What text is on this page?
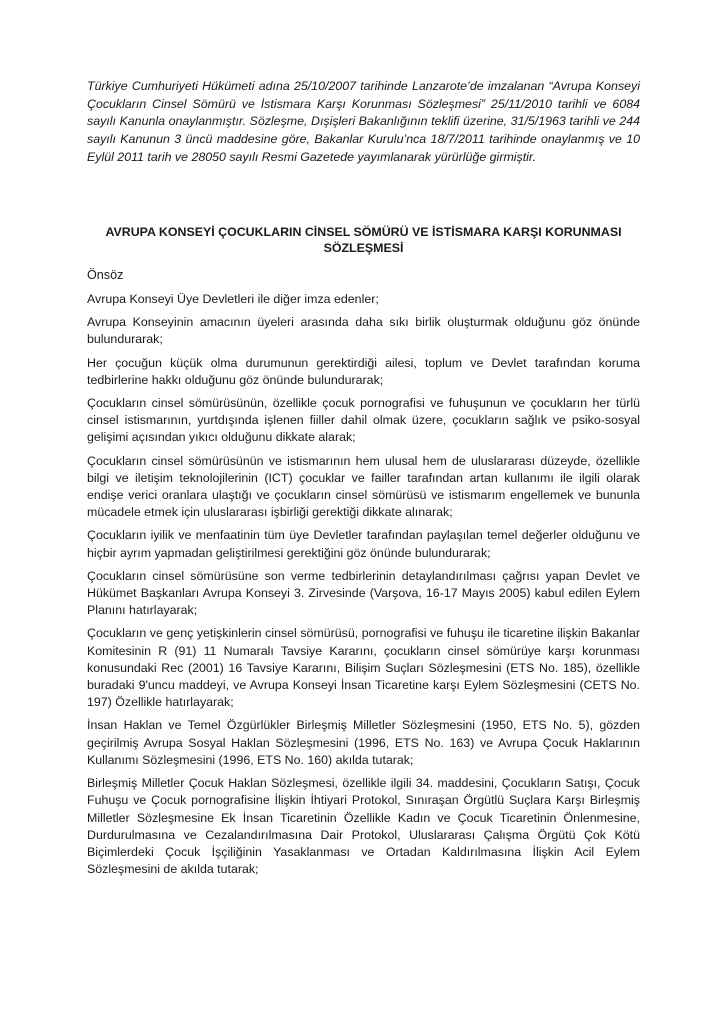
Türkiye Cumhuriyeti Hükümeti adına 25/10/2007 tarihinde Lanzarote’de imzalanan “Avrupa Konseyi Çocukların Cinsel Sömürü ve İstismara Karşı Korunması Sözleşmesi” 25/11/2010 tarihli ve 6084 sayılı Kanunla onaylanmıştır. Sözleşme, Dışişleri Bakanlığının teklifi üzerine, 31/5/1963 tarihli ve 244 sayılı Kanunun 3 üncü maddesine göre, Bakanlar Kurulu’nca 18/7/2011 tarihinde onaylanmış ve 10 Eylül 2011 tarih ve 28050 sayılı Resmi Gazetede yayımlanarak yürürlüğe girmiştir.

AVRUPA KONSEYİ ÇOCUKLARIN CİNSEL SÖMÜRÜ VE İSTİSMARA KARŞI KORUNMASI SÖZLEŞMESİ
Önsöz

Avrupa Konseyi Üye Devletleri ile diğer imza edenler;

Avrupa Konseyinin amacının üyeleri arasında daha sıkı birlik oluşturmak olduğunu göz önünde bulundurarak;

Her çocuğun küçük olma durumunun gerektirdiği ailesi, toplum ve Devlet tarafından koruma tedbirlerine hakkı olduğunu göz önünde bulundurarak;

Çocukların cinsel sömürüsünün, özellikle çocuk pornografisi ve fuhuşunun ve çocukların her türlü cinsel istismarının, yurtdışında işlenen fiiller dahil olmak üzere, çocukların sağlık ve psiko-sosyal gelişimi açısından yıkıcı olduğunu dikkate alarak;

Çocukların cinsel sömürüsünün ve istismarının hem ulusal hem de uluslararası düzeyde, özellikle bilgi ve iletişim teknolojilerinin (ICT) çocuklar ve failler tarafından artan kullanımı ile ilgili olarak endişe verici oranlara ulaştığı ve çocukların cinsel sömürüsü ve istismarım engellemek ve bununla mücadele etmek için uluslararası işbirliği gerektiği dikkate alınarak;

Çocukların iyilik ve menfaatinin tüm üye Devletler tarafından paylaşılan temel değerler olduğunu ve hiçbir ayrım yapmadan geliştirilmesi gerektiğini göz önünde bulundurarak;

Çocukların cinsel sömürüsüne son verme tedbirlerinin detaylandırılması çağrısı yapan Devlet ve Hükümet Başkanları Avrupa Konseyi 3. Zirvesinde (Varşova, 16-17 Mayıs 2005) kabul edilen Eylem Planını hatırlayarak;

Çocukların ve genç yetişkinlerin cinsel sömürüsü, pornografisi ve fuhuşu ile ticaretine ilişkin Bakanlar Komitesinin R (91) 11 Numaralı Tavsiye Kararını, çocukların cinsel sömürüye karşı korunması konusundaki Rec (2001) 16 Tavsiye Kararını, Bilişim Suçları Sözleşmesini (ETS No. 185), özellikle buradaki 9'uncu maddeyi, ve Avrupa Konseyi İnsan Ticaretine karşı Eylem Sözleşmesini (CETS No. 197) Özellikle hatırlayarak;

İnsan Haklan ve Temel Özgürlükler Birleşmiş Milletler Sözleşmesini (1950, ETS No. 5), gözden geçirilmiş Avrupa Sosyal Haklan Sözleşmesini (1996, ETS No. 163) ve Avrupa Çocuk Haklarının Kullanımı Sözleşmesini (1996, ETS No. 160) akılda tutarak;

Birleşmiş Milletler Çocuk Haklan Sözleşmesi, özellikle ilgili 34. maddesini, Çocukların Satışı, Çocuk Fuhuşu ve Çocuk pornografisine İlişkin İhtiyari Protokol, Sınıraşan Örgütlü Suçlara Karşı Birleşmiş Milletler Sözleşmesine Ek İnsan Ticaretinin Özellikle Kadın ve Çocuk Ticaretinin Önlenmesine, Durdurulmasına ve Cezalandırılmasına Dair Protokol, Uluslararası Çalışma Örgütü Çok Kötü Biçimlerdeki Çocuk İşçiliğinin Yasaklanması ve Ortadan Kaldırılmasına İlişkin Acil Eylem Sözleşmesini de akılda tutarak;
